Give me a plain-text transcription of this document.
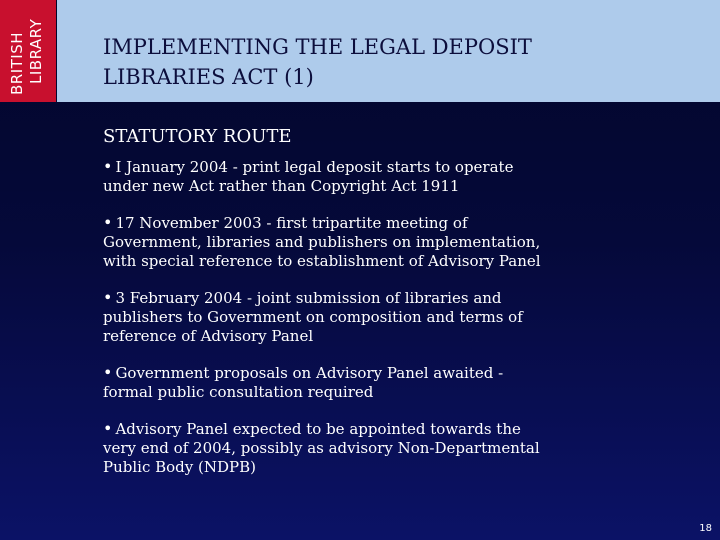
BRITISH LIBRARY	IMPLEMENTING THE LEGAL DEPOSIT
LIBRARIES ACT (1)
STATUTORY ROUTE

• I January 2004 - print legal deposit starts to operate
under new Act rather than Copyright Act 1911

• 17 November 2003 - first tripartite meeting of
Government, libraries and publishers on implementation,
with special reference to establishment of Advisory Panel

• 3 February 2004 - joint submission of libraries and
publishers to Government on composition and terms of
reference of Advisory Panel

• Government proposals on Advisory Panel awaited -
formal public consultation required

• Advisory Panel expected to be appointed towards the
very end of 2004, possibly as advisory Non-Departmental
Public Body (NDPB)

18
